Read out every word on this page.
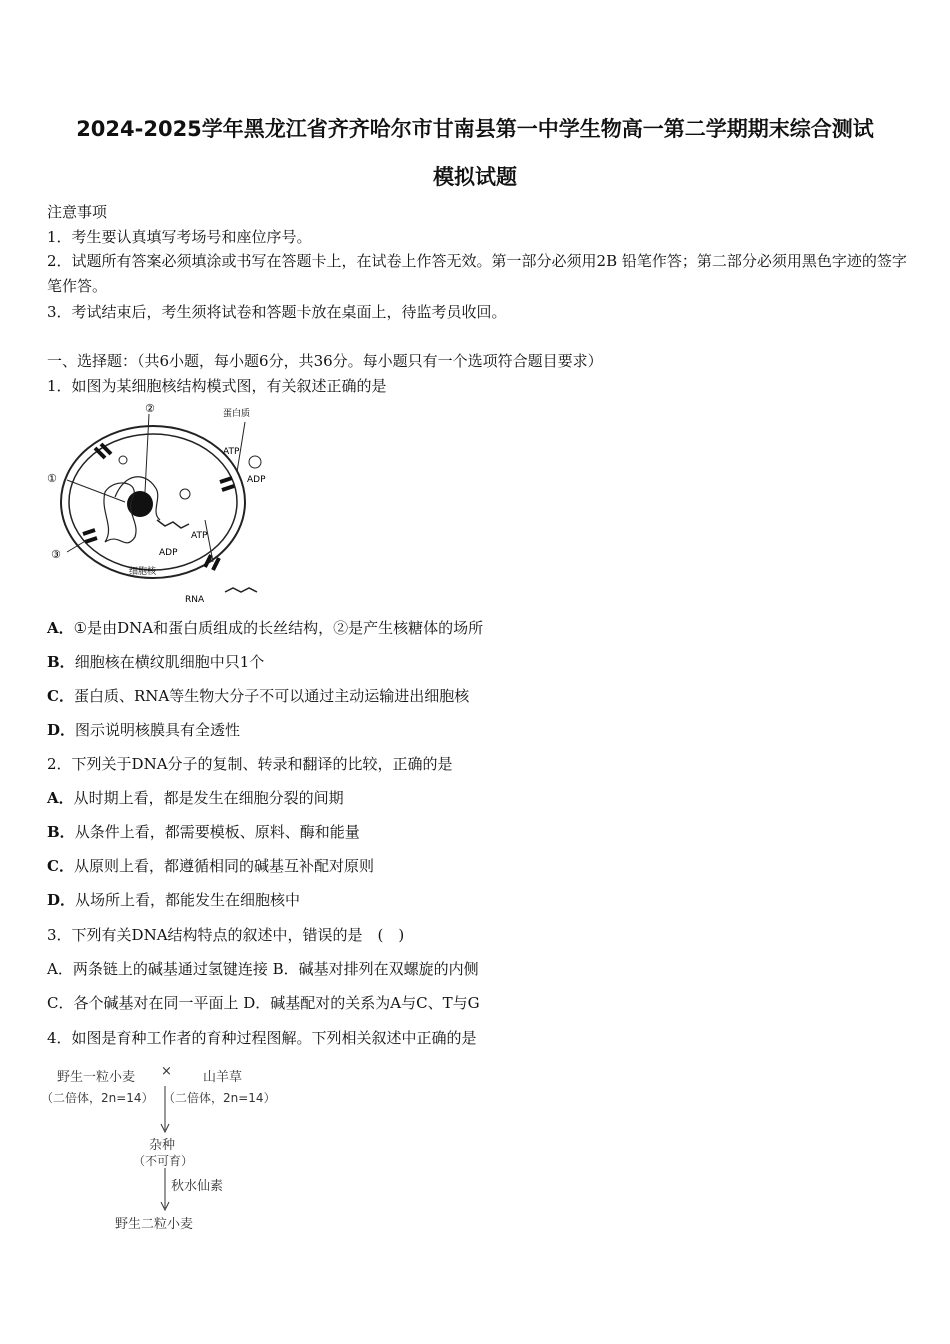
2024-2025学年黑龙江省齐齐哈尔市甘南县第一中学生物高一第二学期期末综合测试
模拟试题
注意事项
1．考生要认真填写考场号和座位序号。
2．试题所有答案必须填涂或书写在答题卡上，在试卷上作答无效。第一部分必须用2B 铅笔作答；第二部分必须用黑色字迹的签字笔作答。
3．考试结束后，考生须将试卷和答题卡放在桌面上，待监考员收回。
一、选择题：（共6小题，每小题6分，共36分。每小题只有一个选项符合题目要求）
1．如图为某细胞核结构模式图，有关叙述正确的是
②
①
③
蛋白质
ATP
ADP
ATP
ADP
细胞核
RNA
A．①是由DNA和蛋白质组成的长丝结构，②是产生核糖体的场所
B．细胞核在横纹肌细胞中只1个
C．蛋白质、RNA等生物大分子不可以通过主动运输进出细胞核
D．图示说明核膜具有全透性
2．下列关于DNA分子的复制、转录和翻译的比较，正确的是
A．从时期上看，都是发生在细胞分裂的间期
B．从条件上看，都需要模板、原料、酶和能量
C．从原则上看，都遵循相同的碱基互补配对原则
D．从场所上看，都能发生在细胞核中
3．下列有关DNA结构特点的叙述中，错误的是　(　)
A．两条链上的碱基通过氢键连接 B．碱基对排列在双螺旋的内侧
C．各个碱基对在同一平面上 D．碱基配对的关系为A与C、T与G
4．如图是育种工作者的育种过程图解。下列相关叙述中正确的是
野生一粒小麦 × 山羊草
（二倍体，2n=14） （二倍体，2n=14）
杂种
（不可育）
秋水仙素
野生二粒小麦
